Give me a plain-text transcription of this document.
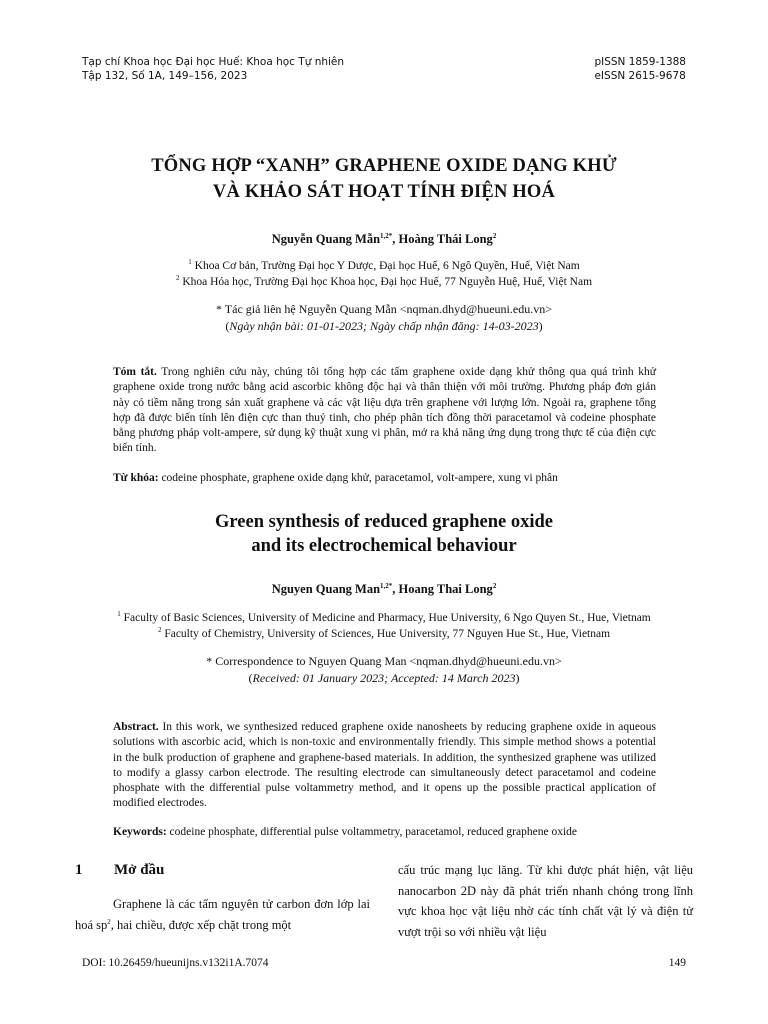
Tạp chí Khoa học Đại học Huế: Khoa học Tự nhiên
Tập 132, Số 1A, 149–156, 2023
pISSN 1859-1388
eISSN 2615-9678
TỔNG HỢP “XANH” GRAPHENE OXIDE DẠNG KHỬ
VÀ KHẢO SÁT HOẠT TÍNH ĐIỆN HOÁ
Nguyễn Quang Mẫn$^{1,2*}$, Hoàng Thái Long$^2$
$^1$ Khoa Cơ bản, Trường Đại học Y Dược, Đại học Huế, 6 Ngô Quyền, Huế, Việt Nam
$^2$ Khoa Hóa học, Trường Đại học Khoa học, Đại học Huế, 77 Nguyễn Huệ, Huế, Việt Nam
* Tác giả liên hệ Nguyễn Quang Mẫn <nqman.dhyd@hueuni.edu.vn>
(Ngày nhận bài: 01-01-2023; Ngày chấp nhận đăng: 14-03-2023)
Tóm tắt. Trong nghiên cứu này, chúng tôi tổng hợp các tấm graphene oxide dạng khử thông qua quá trình khử graphene oxide trong nước bằng acid ascorbic không độc hại và thân thiện với môi trường. Phương pháp đơn giản này có tiềm năng trong sản xuất graphene và các vật liệu dựa trên graphene với lượng lớn. Ngoài ra, graphene tổng hợp đã được biến tính lên điện cực than thuỷ tinh, cho phép phân tích đồng thời paracetamol và codeine phosphate bằng phương pháp volt-ampere, sử dụng kỹ thuật xung vi phân, mở ra khả năng ứng dụng trong thực tế của điện cực biến tính.
Từ khóa: codeine phosphate, graphene oxide dạng khử, paracetamol, volt-ampere, xung vi phân
Green synthesis of reduced graphene oxide
and its electrochemical behaviour
Nguyen Quang Man$^{1,2*}$, Hoang Thai Long$^2$
$^1$ Faculty of Basic Sciences, University of Medicine and Pharmacy, Hue University, 6 Ngo Quyen St., Hue, Vietnam
$^2$ Faculty of Chemistry, University of Sciences, Hue University, 77 Nguyen Hue St., Hue, Vietnam
* Correspondence to Nguyen Quang Man <nqman.dhyd@hueuni.edu.vn>
(Received: 01 January 2023; Accepted: 14 March 2023)
Abstract. In this work, we synthesized reduced graphene oxide nanosheets by reducing graphene oxide in aqueous solutions with ascorbic acid, which is non-toxic and environmentally friendly. This simple method shows a potential in the bulk production of graphene and graphene-based materials. In addition, the synthesized graphene was utilized to modify a glassy carbon electrode. The resulting electrode can simultaneously detect paracetamol and codeine phosphate with the differential pulse voltammetry method, and it opens up the possible practical application of modified electrodes.
Keywords: codeine phosphate, differential pulse voltammetry, paracetamol, reduced graphene oxide
1 Mở đầu
Graphene là các tấm nguyên tử carbon đơn lớp lai hoá $sp^2$, hai chiều, được xếp chặt trong một
cấu trúc mạng lục lăng. Từ khi được phát hiện, vật liệu nanocarbon 2D này đã phát triển nhanh chóng trong lĩnh vực khoa học vật liệu nhờ các tính chất vật lý và điện tử vượt trội so với nhiều vật liệu
DOI: 10.26459/hueunijns.v132i1A.7074	149
